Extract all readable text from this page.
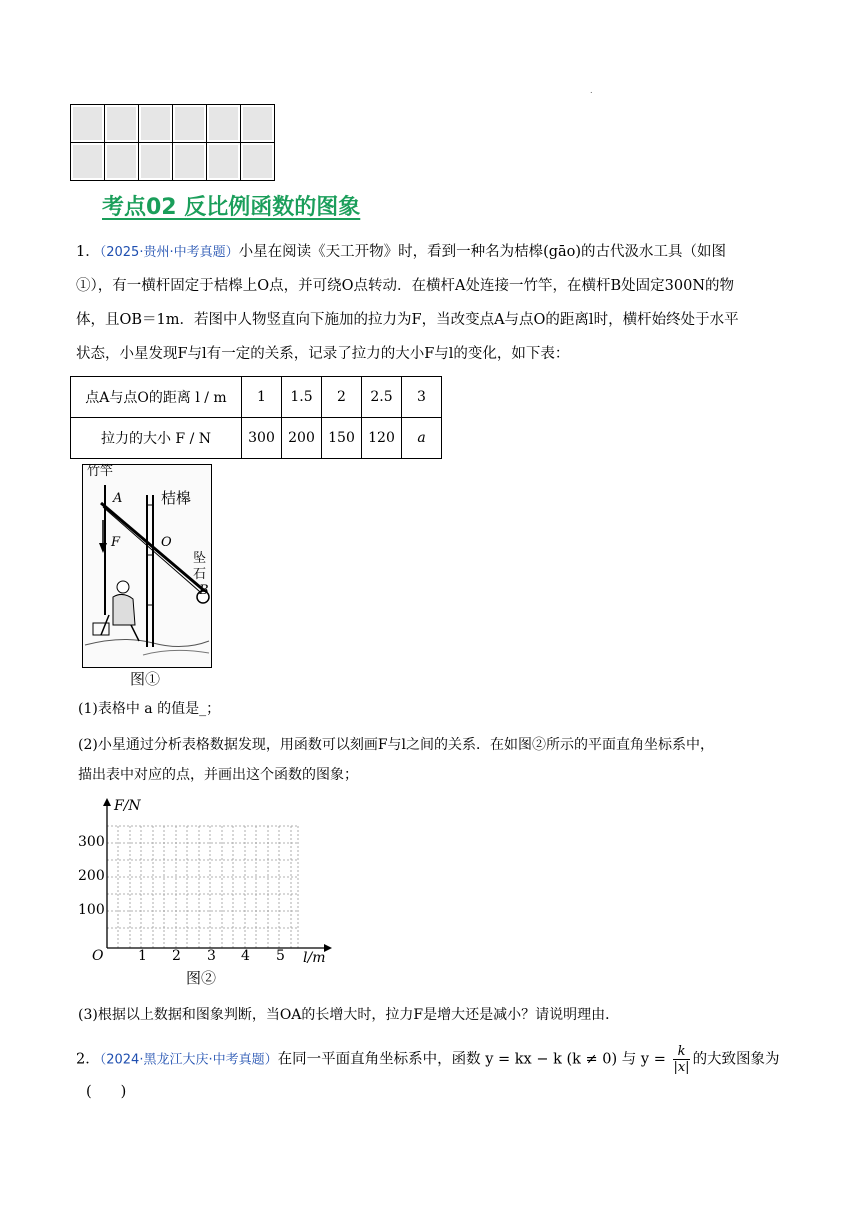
.

考点02 反比例函数的图象
1．（2025·贵州·中考真题）小星在阅读《天工开物》时，看到一种名为桔槔(gāo)的古代汲水工具（如图
①），有一横杆固定于桔槔上O点，并可绕O点转动．在横杆A处连接一竹竿，在横杆B处固定300N的物
体，且OB＝1m．若图中人物竖直向下施加的拉力为F，当改变点A与点O的距离l时，横杆始终处于水平
状态，小星发现F与l有一定的关系，记录了拉力的大小F与l的变化，如下表：
点A与点O的距离 l / m	1	1.5	2	2.5	3
拉力的大小 F / N	300	200	150	120	a
竹竿
A	桔槔
F	O
坠石
B
图①
(1)表格中 a 的值是_；
(2)小星通过分析表格数据发现，用函数可以刻画F与l之间的关系．在如图②所示的平面直角坐标系中，
描出表中对应的点，并画出这个函数的图象；
F/N
l/m
O
100
200
300
1 2 3 4 5
图②
(3)根据以上数据和图象判断，当OA的长增大时，拉力F是增大还是减小？请说明理由．
2．（2024·黑龙江大庆·中考真题）在同一平面直角坐标系中，函数 y = kx − k (k ≠ 0) 与 $y = \frac{k}{|x|}$ 的大致图象为
(　　)
